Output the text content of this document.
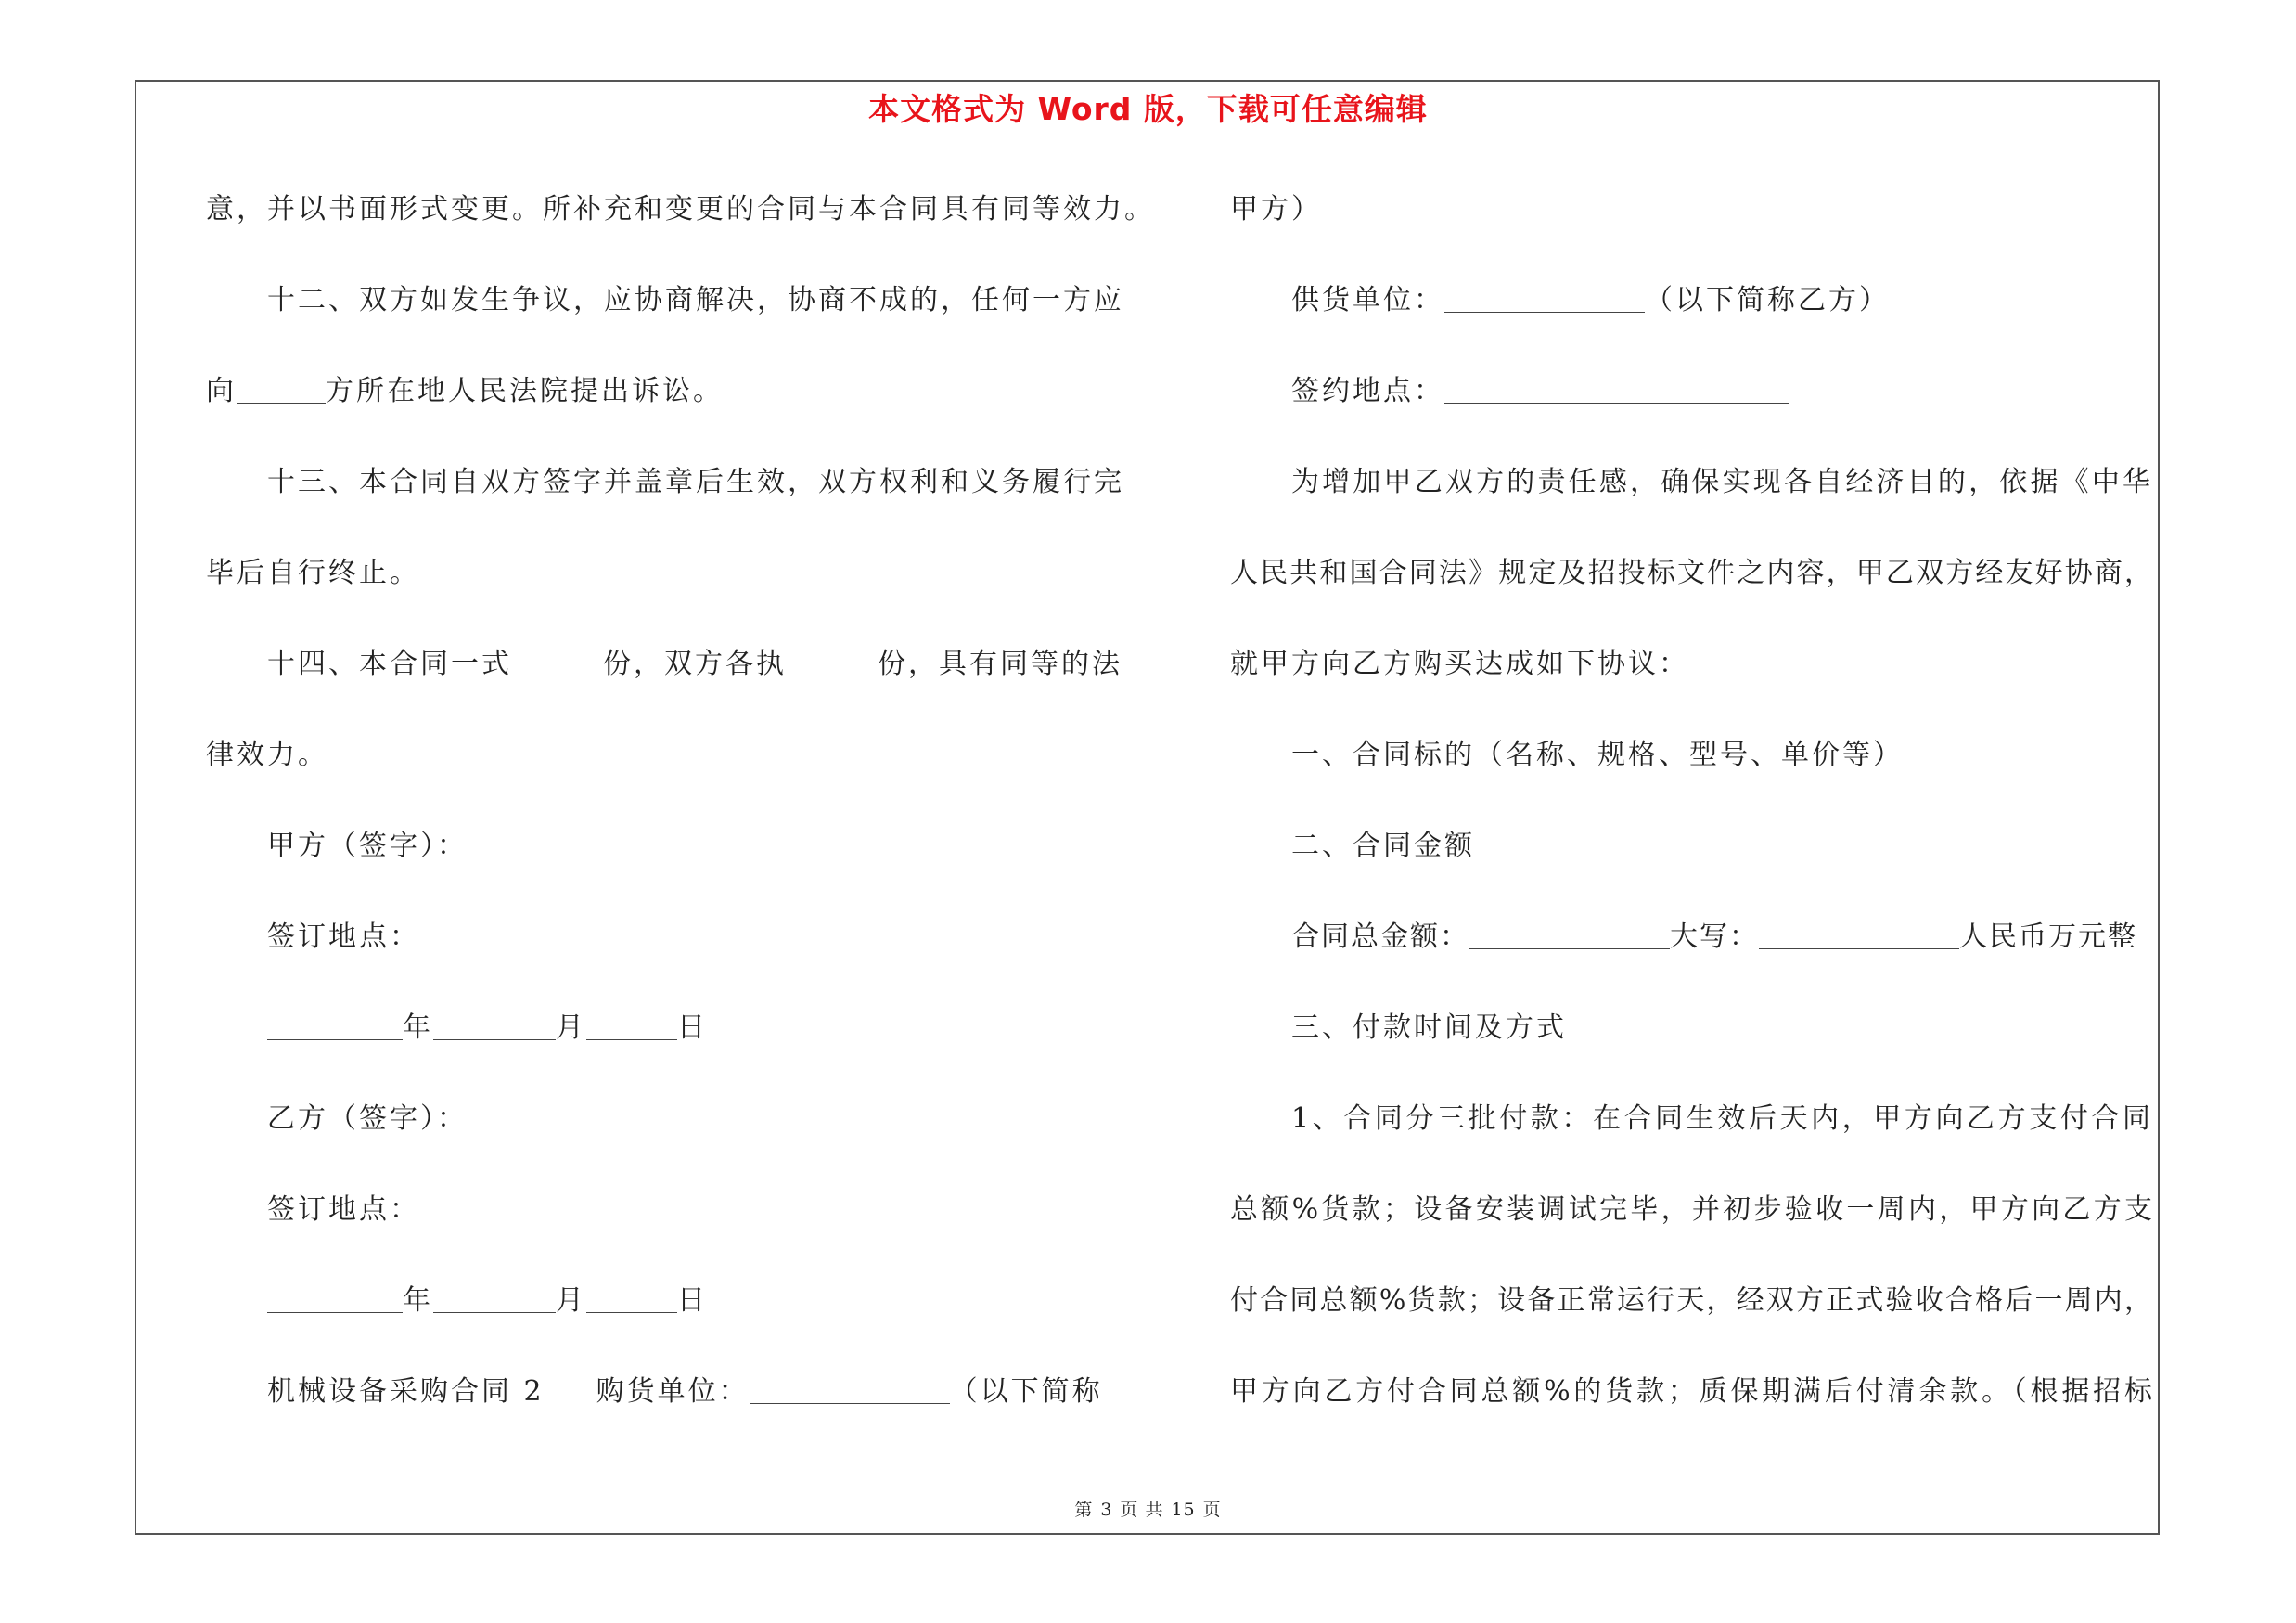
本文格式为 Word 版，下载可任意编辑
意，并以书面形式变更。所补充和变更的合同与本合同具有同等效力。
十二、双方如发生争议，应协商解决，协商不成的，任何一方应
向	方所在地人民法院提出诉讼。
十三、本合同自双方签字并盖章后生效，双方权利和义务履行完
毕后自行终止。
十四、本合同一式	份，双方各执	份，具有同等的法
律效力。
甲方（签字）：
签订地点：
年	月	日
乙方（签字）：
签订地点：
年	月	日
机械设备采购合同 2 购货单位：	（以下简称
甲方）
供货单位：	（以下简称乙方）
签约地点：
为增加甲乙双方的责任感，确保实现各自经济目的，依据《中华
人民共和国合同法》规定及招投标文件之内容，甲乙双方经友好协商，
就甲方向乙方购买达成如下协议：
一、合同标的（名称、规格、型号、单价等）
二、合同金额
合同总金额：	大写：	人民币万元整
三、付款时间及方式
1、合同分三批付款：在合同生效后天内，甲方向乙方支付合同
总额%货款；设备安装调试完毕，并初步验收一周内，甲方向乙方支
付合同总额%货款；设备正常运行天，经双方正式验收合格后一周内，
甲方向乙方付合同总额%的货款；质保期满后付清余款。（根据招标
第 3 页 共 15 页
